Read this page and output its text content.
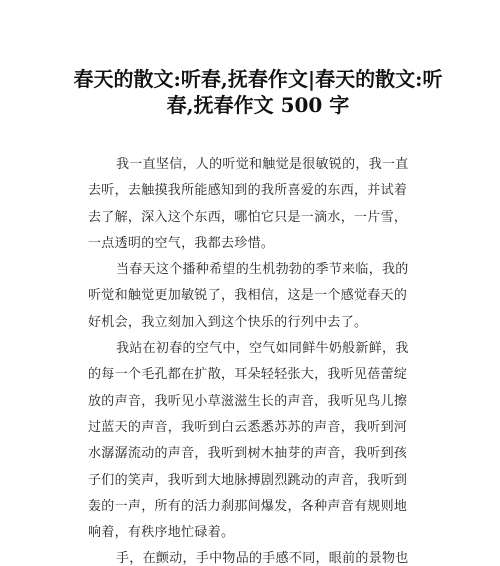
春天的散文:听春,抚春作文|春天的散文:听
春,抚春作文 500 字
我一直坚信，人的听觉和触觉是很敏锐的，我一直
去听，去触摸我所能感知到的我所喜爱的东西，并试着
去了解，深入这个东西，哪怕它只是一滴水，一片雪，
一点透明的空气，我都去珍惜。
当春天这个播种希望的生机勃勃的季节来临，我的
听觉和触觉更加敏锐了，我相信，这是一个感觉春天的
好机会，我立刻加入到这个快乐的行列中去了。
我站在初春的空气中，空气如同鲜牛奶般新鲜，我
的每一个毛孔都在扩散，耳朵轻轻张大，我听见蓓蕾绽
放的声音，我听见小草滋滋生长的声音，我听见鸟儿擦
过蓝天的声音，我听到白云悉悉苏苏的声音，我听到河
水潺潺流动的声音，我听到树木抽芽的声音，我听到孩
子们的笑声，我听到大地脉搏剧烈跳动的声音，我听到
轰的一声，所有的活力刹那间爆发，各种声音有规则地
响着，有秩序地忙碌着。
手，在颤动，手中物品的手感不同，眼前的景物也
